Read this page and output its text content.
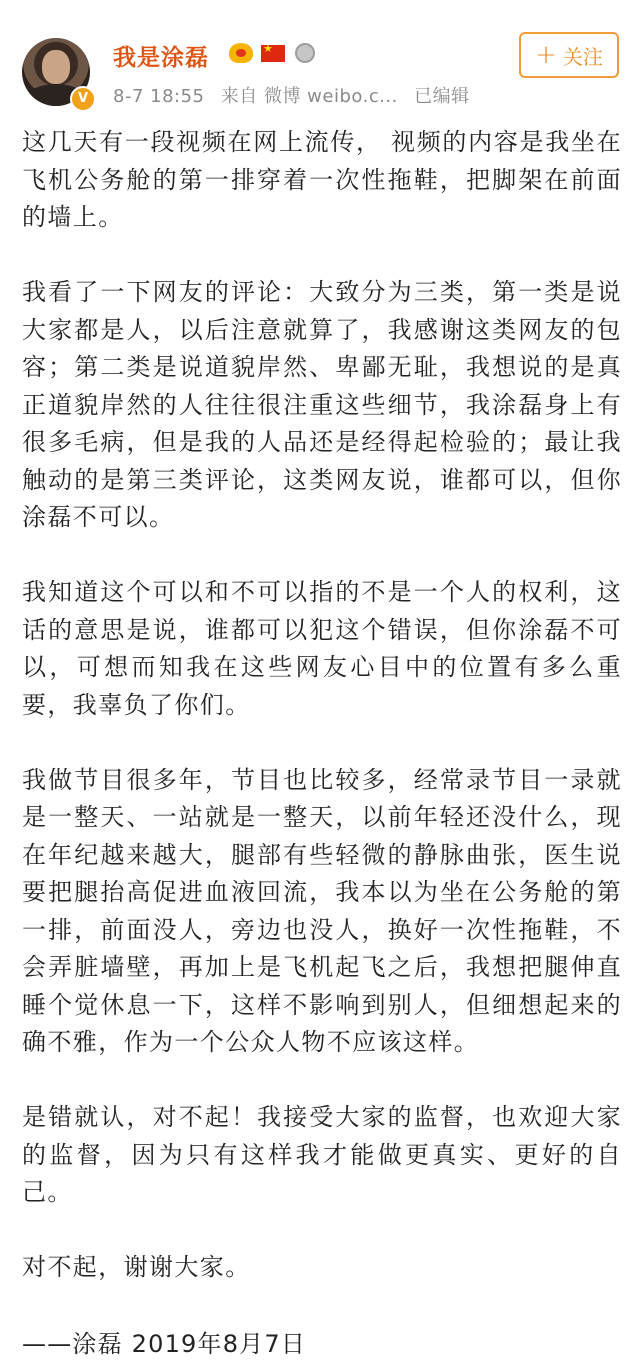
V
我是涂磊
★
8-7 18:55 来自 微博 weibo.c... 已编辑
+ 关注

这几天有一段视频在网上流传， 视频的内容是我坐在飞机公务舱的第一排穿着一次性拖鞋，把脚架在前面的墙上。

我看了一下网友的评论：大致分为三类，第一类是说大家都是人，以后注意就算了，我感谢这类网友的包容；第二类是说道貌岸然、卑鄙无耻，我想说的是真正道貌岸然的人往往很注重这些细节，我涂磊身上有很多毛病，但是我的人品还是经得起检验的；最让我触动的是第三类评论，这类网友说，谁都可以，但你涂磊不可以。

我知道这个可以和不可以指的不是一个人的权利，这话的意思是说，谁都可以犯这个错误，但你涂磊不可以，可想而知我在这些网友心目中的位置有多么重要，我辜负了你们。

我做节目很多年，节目也比较多，经常录节目一录就是一整天、一站就是一整天，以前年轻还没什么，现在年纪越来越大，腿部有些轻微的静脉曲张，医生说要把腿抬高促进血液回流，我本以为坐在公务舱的第一排，前面没人，旁边也没人，换好一次性拖鞋，不会弄脏墙壁，再加上是飞机起飞之后，我想把腿伸直睡个觉休息一下，这样不影响到别人，但细想起来的确不雅，作为一个公众人物不应该这样。

是错就认，对不起！我接受大家的监督，也欢迎大家的监督，因为只有这样我才能做更真实、更好的自己。

对不起，谢谢大家。

——涂磊 2019年8月7日
